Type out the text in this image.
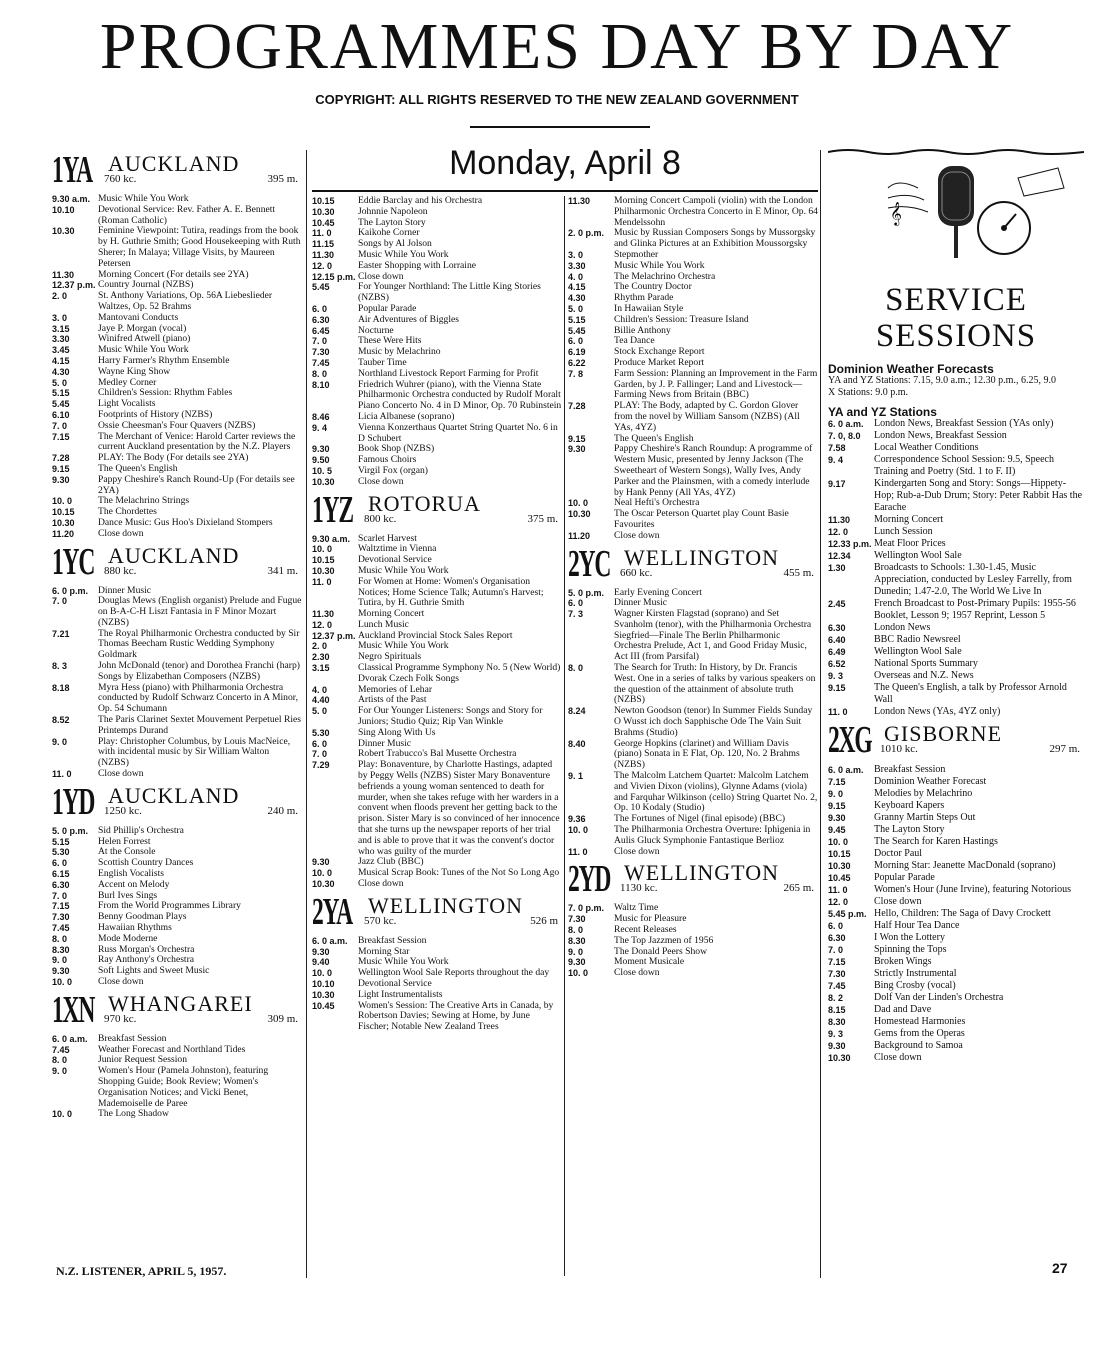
PROGRAMMES DAY BY DAY
COPYRIGHT: ALL RIGHTS RESERVED TO THE NEW ZEALAND GOVERNMENT
Monday, April 8
1YA AUCKLAND
760 kc.	395 m.
9.30 a.m. Music While You Work
10.10	Devotional Service: Rev. Father A. E. Bennett (Roman Catholic)
10.30	Feminine Viewpoint: Tutira, readings from the book by H. Guthrie Smith; Good Housekeeping with Ruth Sherer; In Malaya; Village Visits, by Maureen Petersen
11.30	Morning Concert (For details see 2YA)
12.37 p.m. Country Journal (NZBS)
2. 0	St. Anthony Variations, Op. 56A Liebeslieder Waltzes, Op. 52 Brahms
3. 0	Mantovani Conducts
3.15	Jaye P. Morgan (vocal)
3.30	Winifred Atwell (piano)
3.45	Music While You Work
4.15	Harry Farmer's Rhythm Ensemble
4.30	Wayne King Show
5. 0	Medley Corner
5.15	Children's Session: Rhythm Fables
5.45	Light Vocalists
6.10	Footprints of History (NZBS)
7. 0	Ossie Cheesman's Four Quavers (NZBS)
7.15	The Merchant of Venice: Harold Carter reviews the current Auckland presentation by the N.Z. Players
7.28	PLAY: The Body (For details see 2YA)
9.15	The Queen's English
9.30	Pappy Cheshire's Ranch Round-Up (For details see 2YA)
10. 0	The Melachrino Strings
10.15	The Chordettes
10.30	Dance Music: Gus Hoo's Dixieland Stompers
11.20	Close down
1YC AUCKLAND
880 kc.	341 m.
6. 0 p.m.	Dinner Music
7. 0	Douglas Mews (English organist) Prelude and Fugue on B-A-C-H Liszt Fantasia in F Minor Mozart (NZBS)
7.21	The Royal Philharmonic Orchestra conducted by Sir Thomas Beecham Rustic Wedding Symphony Goldmark
8. 3	John McDonald (tenor) and Dorothea Franchi (harp) Songs by Elizabethan Composers (NZBS)
8.18	Myra Hess (piano) with Philharmonia Orchestra conducted by Rudolf Schwarz Concerto in A Minor, Op. 54 Schumann
8.52	The Paris Clarinet Sextet Mouvement Perpetuel Ries Printemps Durand
9. 0	Play: Christopher Columbus, by Louis MacNeice, with incidental music by Sir William Walton (NZBS)
11. 0	Close down
1YD AUCKLAND
1250 kc.	240 m.
5. 0 p.m.	Sid Phillip's Orchestra
5.15	Helen Forrest
5.30	At the Console
6. 0	Scottish Country Dances
6.15	English Vocalists
6.30	Accent on Melody
7. 0	Burl Ives Sings
7.15	From the World Programmes Library
7.30	Benny Goodman Plays
7.45	Hawaiian Rhythms
8. 0	Mode Moderne
8.30	Russ Morgan's Orchestra
9. 0	Ray Anthony's Orchestra
9.30	Soft Lights and Sweet Music
10. 0	Close down
1XN WHANGAREI
970 kc.	309 m.
6. 0 a.m.	Breakfast Session
7.45	Weather Forecast and Northland Tides
8. 0	Junior Request Session
9. 0	Women's Hour (Pamela Johnston), featuring Shopping Guide; Book Review; Women's Organisation Notices; and Vicki Benet, Mademoiselle de Paree
10. 0	The Long Shadow
10.15	Eddie Barclay and his Orchestra
10.30	Johnnie Napoleon
10.45	The Layton Story
11. 0	Kaikohe Corner
11.15	Songs by Al Jolson
11.30	Music While You Work
12. 0	Easter Shopping with Lorraine
12.15 p.m. Close down
5.45	For Younger Northland: The Little King Stories (NZBS)
6. 0	Popular Parade
6.30	Air Adventures of Biggles
6.45	Nocturne
7. 0	These Were Hits
7.30	Music by Melachrino
7.45	Tauber Time
8. 0	Northland Livestock Report Farming for Profit
8.10	Friedrich Wuhrer (piano), with the Vienna State Philharmonic Orchestra conducted by Rudolf Moralt Piano Concerto No. 4 in D Minor, Op. 70 Rubinstein
8.46	Licia Albanese (soprano)
9. 4	Vienna Konzerthaus Quartet String Quartet No. 6 in D Schubert
9.30	Book Shop (NZBS)
9.50	Famous Choirs
10. 5	Virgil Fox (organ)
10.30	Close down
1YZ ROTORUA
800 kc.	375 m.
9.30 a.m. Scarlet Harvest
10. 0	Waltztime in Vienna
10.15	Devotional Service
10.30	Music While You Work
11. 0	For Women at Home: Women's Organisation Notices; Home Science Talk; Autumn's Harvest; Tutira, by H. Guthrie Smith
11.30	Morning Concert
12. 0	Lunch Music
12.37 p.m. Auckland Provincial Stock Sales Report
2. 0	Music While You Work
2.30	Negro Spirituals
3.15	Classical Programme Symphony No. 5 (New World) Dvorak Czech Folk Songs
4. 0	Memories of Lehar
4.40	Artists of the Past
5. 0	For Our Younger Listeners: Songs and Story for Juniors; Studio Quiz; Rip Van Winkle
5.30	Sing Along With Us
6. 0	Dinner Music
7. 0	Robert Trabucco's Bal Musette Orchestra
7.29	Play: Bonaventure, by Charlotte Hastings, adapted by Peggy Wells (NZBS) Sister Mary Bonaventure befriends a young woman sentenced to death for murder, when she takes refuge with her warders in a convent when floods prevent her getting back to the prison. Sister Mary is so convinced of her innocence that she turns up the newspaper reports of her trial and is able to prove that it was the convent's doctor who was guilty of the murder
9.30	Jazz Club (BBC)
10. 0	Musical Scrap Book: Tunes of the Not So Long Ago
10.30	Close down
2YA WELLINGTON
570 kc.	526 m
6. 0 a.m.	Breakfast Session
9.30	Morning Star
9.40	Music While You Work
10. 0	Wellington Wool Sale Reports throughout the day
10.10	Devotional Service
10.30	Light Instrumentalists
10.45	Women's Session: The Creative Arts in Canada, by Robertson Davies; Sewing at Home, by June Fischer; Notable New Zealand Trees
11.30	Morning Concert Campoli (violin) with the London Philharmonic Orchestra Concerto in E Minor, Op. 64 Mendelssohn
2. 0 p.m.	Music by Russian Composers Songs by Mussorgsky and Glinka Pictures at an Exhibition Moussorgsky
3. 0	Stepmother
3.30	Music While You Work
4. 0	The Melachrino Orchestra
4.15	The Country Doctor
4.30	Rhythm Parade
5. 0	In Hawaiian Style
5.15	Children's Session: Treasure Island
5.45	Billie Anthony
6. 0	Tea Dance
6.19	Stock Exchange Report
6.22	Produce Market Report
7. 8	Farm Session: Planning an Improvement in the Farm Garden, by J. P. Fallinger; Land and Livestock—Farming News from Britain (BBC)
7.28	PLAY: The Body, adapted by C. Gordon Glover from the novel by William Sansom (NZBS) (All YAs, 4YZ)
9.15	The Queen's English
9.30	Pappy Cheshire's Ranch Roundup: A programme of Western Music, presented by Jenny Jackson (The Sweetheart of Western Songs), Wally Ives, Andy Parker and the Plainsmen, with a comedy interlude by Hank Penny (All YAs, 4YZ)
10. 0	Neal Hefti's Orchestra
10.30	The Oscar Peterson Quartet play Count Basie Favourites
11.20	Close down
2YC WELLINGTON
660 kc.	455 m.
5. 0 p.m.	Early Evening Concert
6. 0	Dinner Music
7. 3	Wagner Kirsten Flagstad (soprano) and Set Svanholm (tenor), with the Philharmonia Orchestra Siegfried—Finale The Berlin Philharmonic Orchestra Prelude, Act 1, and Good Friday Music, Act III (from Parsifal)
8. 0	The Search for Truth: In History, by Dr. Francis West. One in a series of talks by various speakers on the question of the attainment of absolute truth (NZBS)
8.24	Newton Goodson (tenor) In Summer Fields Sunday O Wusst ich doch Sapphische Ode The Vain Suit Brahms (Studio)
8.40	George Hopkins (clarinet) and William Davis (piano) Sonata in E Flat, Op. 120, No. 2 Brahms (NZBS)
9. 1	The Malcolm Latchem Quartet: Malcolm Latchem and Vivien Dixon (violins), Glynne Adams (viola) and Farquhar Wilkinson (cello) String Quartet No. 2, Op. 10 Kodaly (Studio)
9.36	The Fortunes of Nigel (final episode) (BBC)
10. 0	The Philharmonia Orchestra Overture: Iphigenia in Aulis Gluck Symphonie Fantastique Berlioz
11. 0	Close down
2YD WELLINGTON
1130 kc.	265 m.
7. 0 p.m.	Waltz Time
7.30	Music for Pleasure
8. 0	Recent Releases
8.30	The Top Jazzmen of 1956
9. 0	The Donald Peers Show
9.30	Moment Musicale
10. 0	Close down
𝄞
SERVICE SESSIONS
Dominion Weather Forecasts
YA and YZ Stations: 7.15, 9.0 a.m.; 12.30 p.m., 6.25, 9.0
X Stations: 9.0 p.m.
YA and YZ Stations
6. 0 a.m.	London News, Breakfast Session (YAs only)
7. 0, 8.0	London News, Breakfast Session
7.58	Local Weather Conditions
9. 4	Correspondence School Session: 9.5, Speech Training and Poetry (Std. 1 to F. II)
9.17	Kindergarten Song and Story: Songs—Hippety-Hop; Rub-a-Dub Drum; Story: Peter Rabbit Has the Earache
11.30	Morning Concert
12. 0	Lunch Session
12.33 p.m. Meat Floor Prices
12.34	Wellington Wool Sale
1.30	Broadcasts to Schools: 1.30-1.45, Music Appreciation, conducted by Lesley Farrelly, from Dunedin; 1.47-2.0, The World We Live In
2.45	French Broadcast to Post-Primary Pupils: 1955-56 Booklet, Lesson 9; 1957 Reprint, Lesson 5
6.30	London News
6.40	BBC Radio Newsreel
6.49	Wellington Wool Sale
6.52	National Sports Summary
9. 3	Overseas and N.Z. News
9.15	The Queen's English, a talk by Professor Arnold Wall
11. 0	London News (YAs, 4YZ only)
2XG GISBORNE
1010 kc.	297 m.
6. 0 a.m.	Breakfast Session
7.15	Dominion Weather Forecast
9. 0	Melodies by Melachrino
9.15	Keyboard Kapers
9.30	Granny Martin Steps Out
9.45	The Layton Story
10. 0	The Search for Karen Hastings
10.15	Doctor Paul
10.30	Morning Star: Jeanette MacDonald (soprano)
10.45	Popular Parade
11. 0	Women's Hour (June Irvine), featuring Notorious
12. 0	Close down
5.45 p.m. Hello, Children: The Saga of Davy Crockett
6. 0	Half Hour Tea Dance
6.30	I Won the Lottery
7. 0	Spinning the Tops
7.15	Broken Wings
7.30	Strictly Instrumental
7.45	Bing Crosby (vocal)
8. 2	Dolf Van der Linden's Orchestra
8.15	Dad and Dave
8.30	Homestead Harmonies
9. 3	Gems from the Operas
9.30	Background to Samoa
10.30	Close down
N.Z. LISTENER, APRIL 5, 1957.	27
